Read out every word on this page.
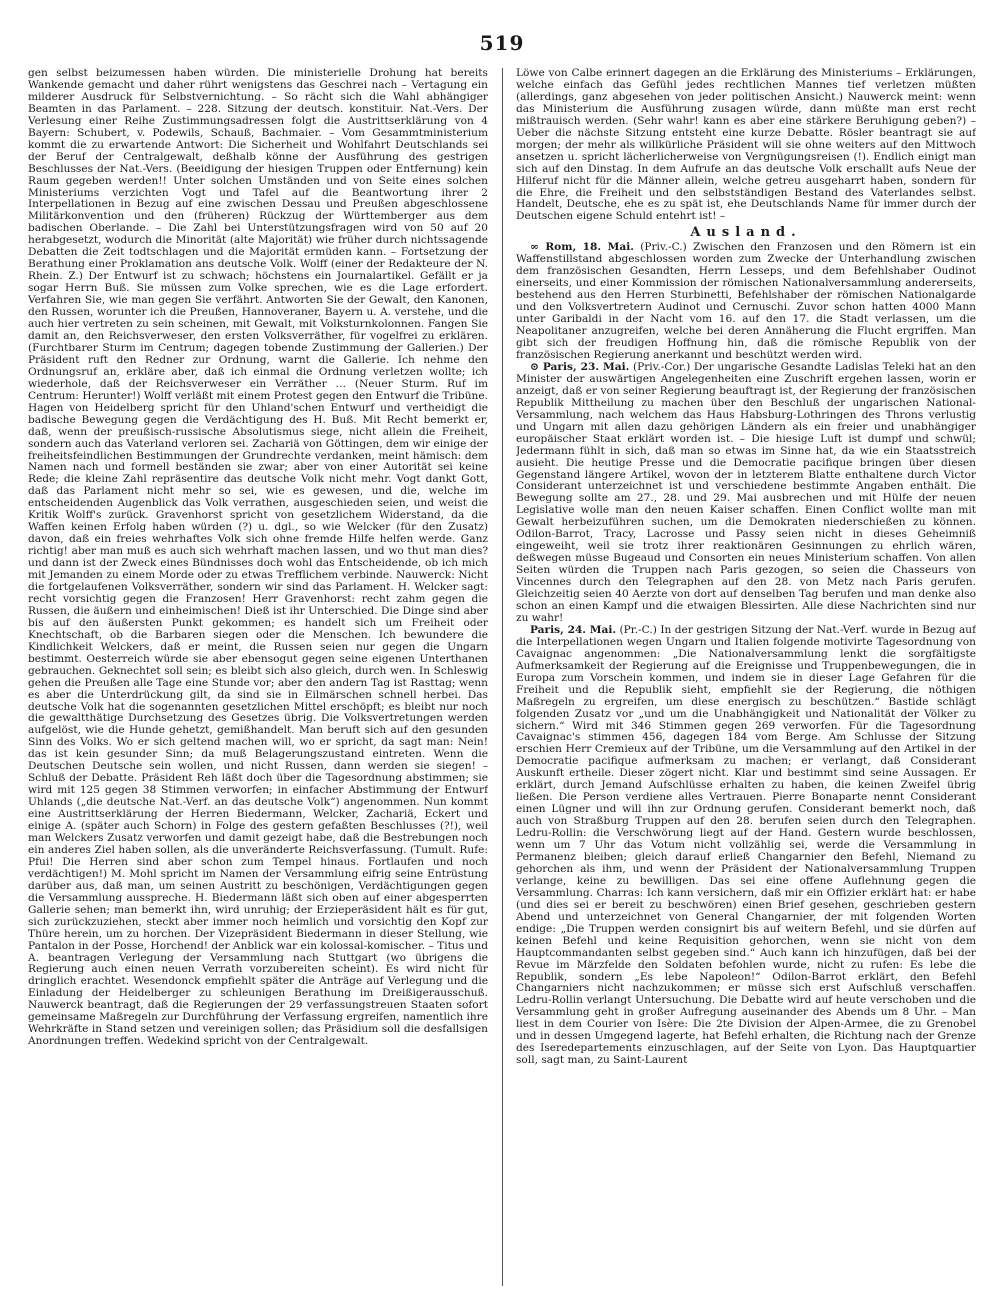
519

gen selbst beizumessen haben würden. Die ministerielle Drohung hat bereits Wankende gemacht und daher rührt wenigstens das Geschrei nach – Vertagung ein milderer Ausdruck für Selbstvernichtung. – So rächt sich die Wahl abhängiger Beamten in das Parlament. – 228. Sitzung der deutsch. konstituir. Nat.-Vers. Der Verlesung einer Reihe Zustimmungsadressen folgt die Austrittserklärung von 4 Bayern: Schubert, v. Podewils, Schauß, Bachmaier. – Vom Gesammtministerium kommt die zu erwartende Antwort: Die Sicherheit und Wohlfahrt Deutschlands sei der Beruf der Centralgewalt, deßhalb könne der Ausführung des gestrigen Beschlusses der Nat.-Vers. (Beeidigung der hiesigen Truppen oder Entfernung) kein Raum gegeben werden!! Unter solchen Umständen und von Seite eines solchen Ministeriums verzichten Vogt und Tafel auf die Beantwortung ihrer 2 Interpellationen in Bezug auf eine zwischen Dessau und Preußen abgeschlossene Militärkonvention und den (früheren) Rückzug der Württemberger aus dem badischen Oberlande. – Die Zahl bei Unterstützungsfragen wird von 50 auf 20 herabgesetzt, wodurch die Minorität (alte Majorität) wie früher durch nichtssagende Debatten die Zeit todtschlagen und die Majorität ermüden kann. – Fortsetzung der Berathung einer Proklamation ans deutsche Volk. Wolff (einer der Redakteure der N. Rhein. Z.) Der Entwurf ist zu schwach; höchstens ein Journalartikel. Gefällt er ja sogar Herrn Buß. Sie müssen zum Volke sprechen, wie es die Lage erfordert. Verfahren Sie, wie man gegen Sie verfährt. Antworten Sie der Gewalt, den Kanonen, den Russen, worunter ich die Preußen, Hannoveraner, Bayern u. A. verstehe, und die auch hier vertreten zu sein scheinen, mit Gewalt, mit Volksturnkolonnen. Fangen Sie damit an, den Reichsverweser, den ersten Volksverräther, für vogelfrei zu erklären. (Furchtbarer Sturm im Centrum; dagegen tobende Zustimmung der Gallerien.) Der Präsident ruft den Redner zur Ordnung, warnt die Gallerie. Ich nehme den Ordnungsruf an, erkläre aber, daß ich einmal die Ordnung verletzen wollte; ich wiederhole, daß der Reichsverweser ein Verräther … (Neuer Sturm. Ruf im Centrum: Herunter!) Wolff verläßt mit einem Protest gegen den Entwurf die Tribüne. Hagen von Heidelberg spricht für den Uhland'schen Entwurf und vertheidigt die badische Bewegung gegen die Verdächtigung des H. Buß. Mit Recht bemerkt er, daß, wenn der preußisch-russische Absolutismus siege, nicht allein die Freiheit, sondern auch das Vaterland verloren sei. Zachariä von Göttingen, dem wir einige der freiheitsfeindlichen Bestimmungen der Grundrechte verdanken, meint hämisch: dem Namen nach und formell beständen sie zwar; aber von einer Autorität sei keine Rede; die kleine Zahl repräsentire das deutsche Volk nicht mehr. Vogt dankt Gott, daß das Parlament nicht mehr so sei, wie es gewesen, und die, welche im entscheidenden Augenblick das Volk verrathen, ausgeschieden seien, und weist die Kritik Wolff's zurück. Gravenhorst spricht von gesetzlichem Widerstand, da die Waffen keinen Erfolg haben würden (?) u. dgl., so wie Welcker (für den Zusatz) davon, daß ein freies wehrhaftes Volk sich ohne fremde Hilfe helfen werde. Ganz richtig! aber man muß es auch sich wehrhaft machen lassen, und wo thut man dies? und dann ist der Zweck eines Bündnisses doch wohl das Entscheidende, ob ich mich mit Jemanden zu einem Morde oder zu etwas Trefflichem verbinde. Nauwerck: Nicht die fortgelaufenen Volksverräther, sondern wir sind das Parlament. H. Welcker sagt: recht vorsichtig gegen die Franzosen! Herr Gravenhorst: recht zahm gegen die Russen, die äußern und einheimischen! Dieß ist ihr Unterschied. Die Dinge sind aber bis auf den äußersten Punkt gekommen; es handelt sich um Freiheit oder Knechtschaft, ob die Barbaren siegen oder die Menschen. Ich bewundere die Kindlichkeit Welckers, daß er meint, die Russen seien nur gegen die Ungarn bestimmt. Oesterreich würde sie aber ebensogut gegen seine eigenen Unterthanen gebrauchen. Geknechtet soll sein; es bleibt sich also gleich, durch wen. In Schleswig gehen die Preußen alle Tage eine Stunde vor; aber den andern Tag ist Rasttag; wenn es aber die Unterdrückung gilt, da sind sie in Eilmärschen schnell herbei. Das deutsche Volk hat die sogenannten gesetzlichen Mittel erschöpft; es bleibt nur noch die gewaltthätige Durchsetzung des Gesetzes übrig. Die Volksvertretungen werden aufgelöst, wie die Hunde gehetzt, gemißhandelt. Man beruft sich auf den gesunden Sinn des Volks. Wo er sich geltend machen will, wo er spricht, da sagt man: Nein! das ist kein gesunder Sinn; da muß Belagerungszustand eintreten. Wenn die Deutschen Deutsche sein wollen, und nicht Russen, dann werden sie siegen! – Schluß der Debatte. Präsident Reh läßt doch über die Tagesordnung abstimmen; sie wird mit 125 gegen 38 Stimmen verworfen; in einfacher Abstimmung der Entwurf Uhlands („die deutsche Nat.-Verf. an das deutsche Volk“) angenommen. Nun kommt eine Austrittserklärung der Herren Biedermann, Welcker, Zachariä, Eckert und einige A. (später auch Schorn) in Folge des gestern gefaßten Beschlusses (?!), weil man Welckers Zusatz verworfen und damit gezeigt habe, daß die Bestrebungen noch ein anderes Ziel haben sollen, als die unveränderte Reichsverfassung. (Tumult. Rufe: Pfui! Die Herren sind aber schon zum Tempel hinaus. Fortlaufen und noch verdächtigen!) M. Mohl spricht im Namen der Versammlung eifrig seine Entrüstung darüber aus, daß man, um seinen Austritt zu beschönigen, Verdächtigungen gegen die Versammlung ausspreche. H. Biedermann läßt sich oben auf einer abgesperrten Gallerie sehen; man bemerkt ihn, wird unruhig; der Erzieperäsident hält es für gut, sich zurückzuziehen, steckt aber immer noch heimlich und vorsichtig den Kopf zur Thüre herein, um zu horchen. Der Vizepräsident Biedermann in dieser Stellung, wie Pantalon in der Posse, Horchend! der Anblick war ein kolossal-komischer. – Titus und A. beantragen Verlegung der Versammlung nach Stuttgart (wo übrigens die Regierung auch einen neuen Verrath vorzubereiten scheint). Es wird nicht für dringlich erachtet. Wesendonck empfiehlt später die Anträge auf Verlegung und die Einladung der Heidelberger zu schleunigen Berathung im Dreißigerausschuß. Nauwerck beantragt, daß die Regierungen der 29 verfassungstreuen Staaten sofort gemeinsame Maßregeln zur Durchführung der Verfassung ergreifen, namentlich ihre Wehrkräfte in Stand setzen und vereinigen sollen; das Präsidium soll die desfallsigen Anordnungen treffen. Wedekind spricht von der Centralgewalt.

Löwe von Calbe erinnert dagegen an die Erklärung des Ministeriums – Erklärungen, welche einfach das Gefühl jedes rechtlichen Mannes tief verletzen müßten (allerdings, ganz abgesehen von jeder politischen Ansicht.) Nauwerck meint: wenn das Ministerium die Ausführung zusagen würde, dann müßte man erst recht mißtrauisch werden. (Sehr wahr! kann es aber eine stärkere Beruhigung geben?) – Ueber die nächste Sitzung entsteht eine kurze Debatte. Rösler beantragt sie auf morgen; der mehr als willkürliche Präsident will sie ohne weiters auf den Mittwoch ansetzen u. spricht lächerlicherweise von Vergnügungsreisen (!). Endlich einigt man sich auf den Dinstag. In dem Aufrufe an das deutsche Volk erschallt aufs Neue der Hilferuf nicht für die Männer allein, welche getreu ausgeharrt haben, sondern für die Ehre, die Freiheit und den selbstständigen Bestand des Vaterlandes selbst. Handelt, Deutsche, ehe es zu spät ist, ehe Deutschlands Name für immer durch der Deutschen eigene Schuld entehrt ist! –

Ausland.

∞ Rom, 18. Mai. (Priv.-C.) Zwischen den Franzosen und den Römern ist ein Waffenstillstand abgeschlossen worden zum Zwecke der Unterhandlung zwischen dem französischen Gesandten, Herrn Lesseps, und dem Befehlshaber Oudinot einerseits, und einer Kommission der römischen Nationalversammlung andererseits, bestehend aus den Herren Sturbinetti, Befehlshaber der römischen Nationalgarde und den Volksvertretern Audinot und Cernuschi. Zuvor schon hatten 4000 Mann unter Garibaldi in der Nacht vom 16. auf den 17. die Stadt verlassen, um die Neapolitaner anzugreifen, welche bei deren Annäherung die Flucht ergriffen. Man gibt sich der freudigen Hoffnung hin, daß die römische Republik von der französischen Regierung anerkannt und beschützt werden wird.

⊙ Paris, 23. Mai. (Priv.-Cor.) Der ungarische Gesandte Ladislas Teleki hat an den Minister der auswärtigen Angelegenheiten eine Zuschrift ergehen lassen, worin er anzeigt, daß er von seiner Regierung beauftragt ist, der Regierung der französischen Republik Mittheilung zu machen über den Beschluß der ungarischen National-Versammlung, nach welchem das Haus Habsburg-Lothringen des Throns verlustig und Ungarn mit allen dazu gehörigen Ländern als ein freier und unabhängiger europäischer Staat erklärt worden ist. – Die hiesige Luft ist dumpf und schwül; Jedermann fühlt in sich, daß man so etwas im Sinne hat, da wie ein Staatsstreich ausieht. Die heutige Presse und die Democratie pacifique bringen über diesen Gegenstand längere Artikel, wovon der in letzterem Blatte enthaltene durch Victor Considerant unterzeichnet ist und verschiedene bestimmte Angaben enthält. Die Bewegung sollte am 27., 28. und 29. Mai ausbrechen und mit Hülfe der neuen Legislative wolle man den neuen Kaiser schaffen. Einen Conflict wollte man mit Gewalt herbeizuführen suchen, um die Demokraten niederschießen zu können. Odilon-Barrot, Tracy, Lacrosse und Passy seien nicht in dieses Geheimniß eingeweiht, weil sie trotz ihrer reaktionären Gesinnungen zu ehrlich wären, deßwegen müsse Bugeaud und Consorten ein neues Ministerium schaffen. Von allen Seiten würden die Truppen nach Paris gezogen, so seien die Chasseurs von Vincennes durch den Telegraphen auf den 28. von Metz nach Paris gerufen. Gleichzeitig seien 40 Aerzte von dort auf denselben Tag berufen und man denke also schon an einen Kampf und die etwaigen Blessirten. Alle diese Nachrichten sind nur zu wahr!

Paris, 24. Mai. (Pr.-C.) In der gestrigen Sitzung der Nat.-Verf. wurde in Bezug auf die Interpellationen wegen Ungarn und Italien folgende motivirte Tagesordnung von Cavaignac angenommen: „Die Nationalversammlung lenkt die sorgfältigste Aufmerksamkeit der Regierung auf die Ereignisse und Truppenbewegungen, die in Europa zum Vorschein kommen, und indem sie in dieser Lage Gefahren für die Freiheit und die Republik sieht, empfiehlt sie der Regierung, die nöthigen Maßregeln zu ergreifen, um diese energisch zu beschützen.“ Bastide schlägt folgenden Zusatz vor „und um die Unabhängigkeit und Nationalität der Völker zu sichern.“ Wird mit 346 Stimmen gegen 269 verworfen. Für die Tagesordnung Cavaignac's stimmen 456, dagegen 184 vom Berge. Am Schlusse der Sitzung erschien Herr Cremieux auf der Tribüne, um die Versammlung auf den Artikel in der Democratie pacifique aufmerksam zu machen; er verlangt, daß Considerant Auskunft ertheile. Dieser zögert nicht. Klar und bestimmt sind seine Aussagen. Er erklärt, durch Jemand Aufschlüsse erhalten zu haben, die keinen Zweifel übrig ließen. Die Person verdiene alles Vertrauen. Pierre Bonaparte nennt Considerant einen Lügner und will ihn zur Ordnung gerufen. Considerant bemerkt noch, daß auch von Straßburg Truppen auf den 28. berufen seien durch den Telegraphen. Ledru-Rollin: die Verschwörung liegt auf der Hand. Gestern wurde beschlossen, wenn um 7 Uhr das Votum nicht vollzählig sei, werde die Versammlung in Permanenz bleiben; gleich darauf erließ Changarnier den Befehl, Niemand zu gehorchen als ihm, und wenn der Präsident der Nationalversammlung Truppen verlange, keine zu bewilligen. Das sei eine offene Auflehnung gegen die Versammlung. Charras: Ich kann versichern, daß mir ein Offizier erklärt hat: er habe (und dies sei er bereit zu beschwören) einen Brief gesehen, geschrieben gestern Abend und unterzeichnet von General Changarnier, der mit folgenden Worten endige: „Die Truppen werden consignirt bis auf weitern Befehl, und sie dürfen auf keinen Befehl und keine Requisition gehorchen, wenn sie nicht von dem Hauptcommandanten selbst gegeben sind.“ Auch kann ich hinzufügen, daß bei der Revue im Märzfelde den Soldaten befohlen wurde, nicht zu rufen: Es lebe die Republik, sondern „Es lebe Napoleon!“ Odilon-Barrot erklärt, den Befehl Changarniers nicht nachzukommen; er müsse sich erst Aufschluß verschaffen. Ledru-Rollin verlangt Untersuchung. Die Debatte wird auf heute verschoben und die Versammlung geht in großer Aufregung auseinander des Abends um 8 Uhr. – Man liest in dem Courier von Isère: Die 2te Division der Alpen-Armee, die zu Grenobel und in dessen Umgegend lagerte, hat Befehl erhalten, die Richtung nach der Grenze des Iseredepartements einzuschlagen, auf der Seite von Lyon. Das Hauptquartier soll, sagt man, zu Saint-Laurent
